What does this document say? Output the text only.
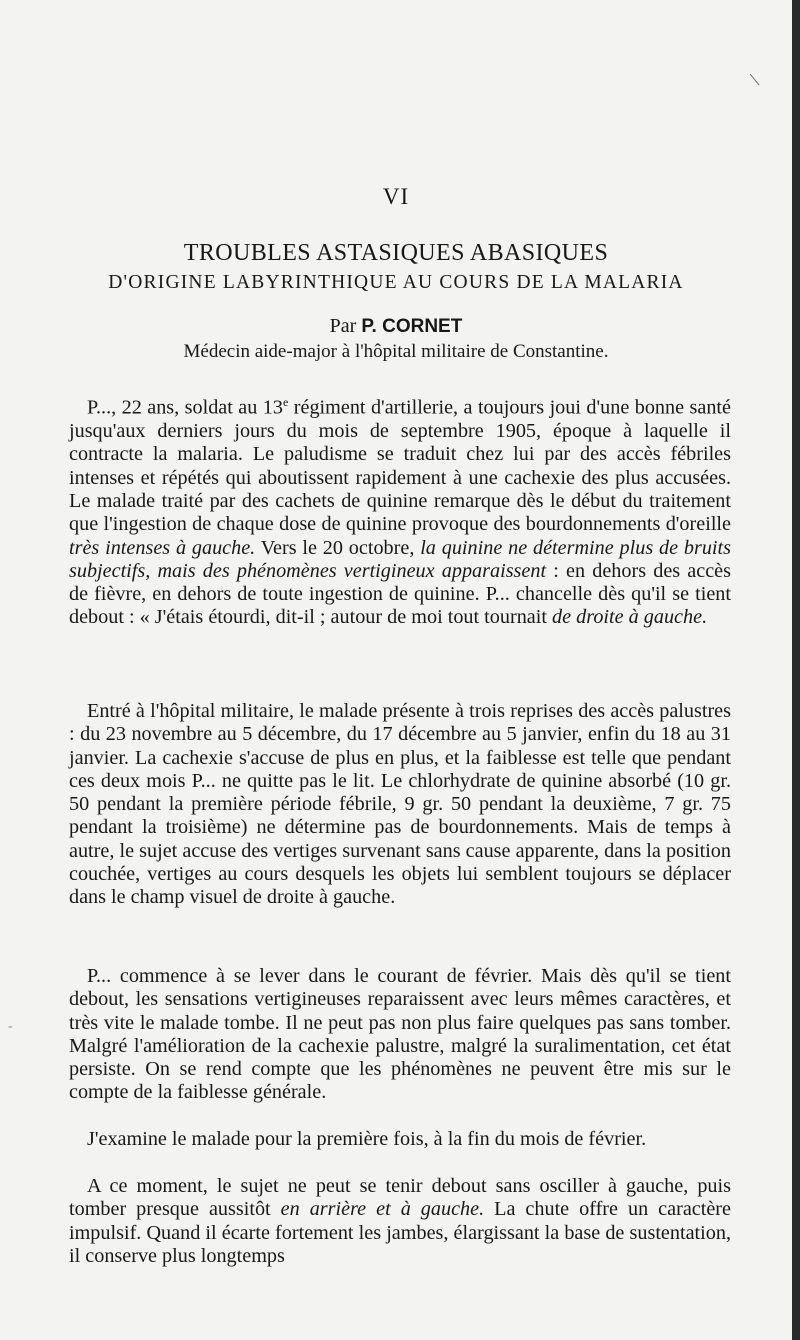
\
-
VI
TROUBLES ASTASIQUES ABASIQUES
D'ORIGINE LABYRINTHIQUE AU COURS DE LA MALARIA
Par P. CORNET
Médecin aide-major à l'hôpital militaire de Constantine.

P..., 22 ans, soldat au 13e régiment d'artillerie, a toujours joui d'une bonne santé jusqu'aux derniers jours du mois de septembre 1905, époque à laquelle il contracte la malaria. Le paludisme se traduit chez lui par des accès fébriles intenses et répétés qui aboutissent rapidement à une cachexie des plus accusées. Le malade traité par des cachets de quinine remarque dès le début du traitement que l'ingestion de chaque dose de quinine provoque des bourdonnements d'oreille très intenses à gauche. Vers le 20 octobre, la quinine ne détermine plus de bruits subjectifs, mais des phénomènes vertigineux apparaissent : en dehors des accès de fièvre, en dehors de toute ingestion de quinine. P... chancelle dès qu'il se tient debout : « J'étais étourdi, dit-il ; autour de moi tout tournait de droite à gauche.

Entré à l'hôpital militaire, le malade présente à trois reprises des accès palustres : du 23 novembre au 5 décembre, du 17 décembre au 5 janvier, enfin du 18 au 31 janvier. La cachexie s'accuse de plus en plus, et la faiblesse est telle que pendant ces deux mois P... ne quitte pas le lit. Le chlorhydrate de quinine absorbé (10 gr. 50 pendant la première période fébrile, 9 gr. 50 pendant la deuxième, 7 gr. 75 pendant la troisième) ne détermine pas de bourdonnements. Mais de temps à autre, le sujet accuse des vertiges survenant sans cause apparente, dans la position couchée, vertiges au cours desquels les objets lui semblent toujours se déplacer dans le champ visuel de droite à gauche.

P... commence à se lever dans le courant de février. Mais dès qu'il se tient debout, les sensations vertigineuses reparaissent avec leurs mêmes caractères, et très vite le malade tombe. Il ne peut pas non plus faire quelques pas sans tomber. Malgré l'amélioration de la cachexie palustre, malgré la suralimentation, cet état persiste. On se rend compte que les phénomènes ne peuvent être mis sur le compte de la faiblesse générale.

J'examine le malade pour la première fois, à la fin du mois de février.

A ce moment, le sujet ne peut se tenir debout sans osciller à gauche, puis tomber presque aussitôt en arrière et à gauche. La chute offre un caractère impulsif. Quand il écarte fortement les jambes, élargissant la base de sustentation, il conserve plus longtemps
